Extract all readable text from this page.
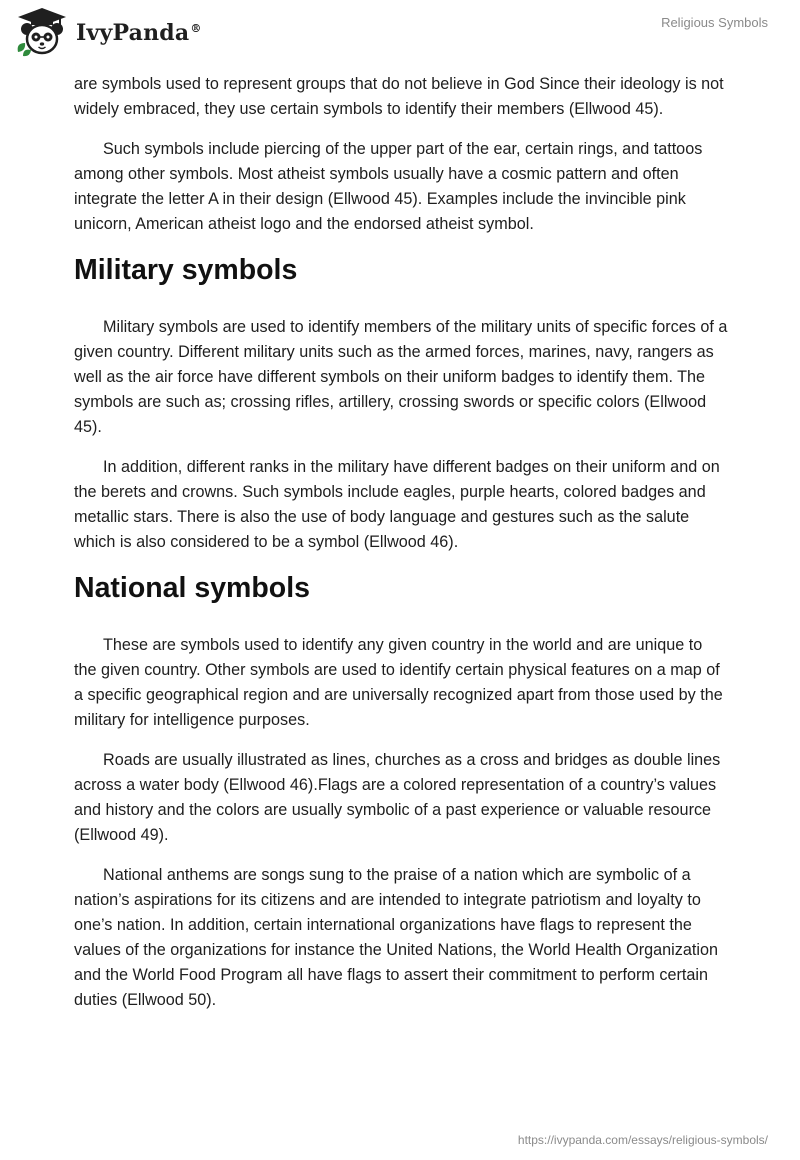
IvyPanda®	Religious Symbols

are symbols used to represent groups that do not believe in God Since their ideology is not widely embraced, they use certain symbols to identify their members (Ellwood 45).

Such symbols include piercing of the upper part of the ear, certain rings, and tattoos among other symbols. Most atheist symbols usually have a cosmic pattern and often integrate the letter A in their design (Ellwood 45). Examples include the invincible pink unicorn, American atheist logo and the endorsed atheist symbol.

Military symbols

Military symbols are used to identify members of the military units of specific forces of a given country. Different military units such as the armed forces, marines, navy, rangers as well as the air force have different symbols on their uniform badges to identify them. The symbols are such as; crossing rifles, artillery, crossing swords or specific colors (Ellwood 45).

In addition, different ranks in the military have different badges on their uniform and on the berets and crowns. Such symbols include eagles, purple hearts, colored badges and metallic stars. There is also the use of body language and gestures such as the salute which is also considered to be a symbol (Ellwood 46).

National symbols

These are symbols used to identify any given country in the world and are unique to the given country. Other symbols are used to identify certain physical features on a map of a specific geographical region and are universally recognized apart from those used by the military for intelligence purposes.

Roads are usually illustrated as lines, churches as a cross and bridges as double lines across a water body (Ellwood 46).Flags are a colored representation of a country’s values and history and the colors are usually symbolic of a past experience or valuable resource (Ellwood 49).

National anthems are songs sung to the praise of a nation which are symbolic of a nation’s aspirations for its citizens and are intended to integrate patriotism and loyalty to one’s nation. In addition, certain international organizations have flags to represent the values of the organizations for instance the United Nations, the World Health Organization and the World Food Program all have flags to assert their commitment to perform certain duties (Ellwood 50).

https://ivypanda.com/essays/religious-symbols/
